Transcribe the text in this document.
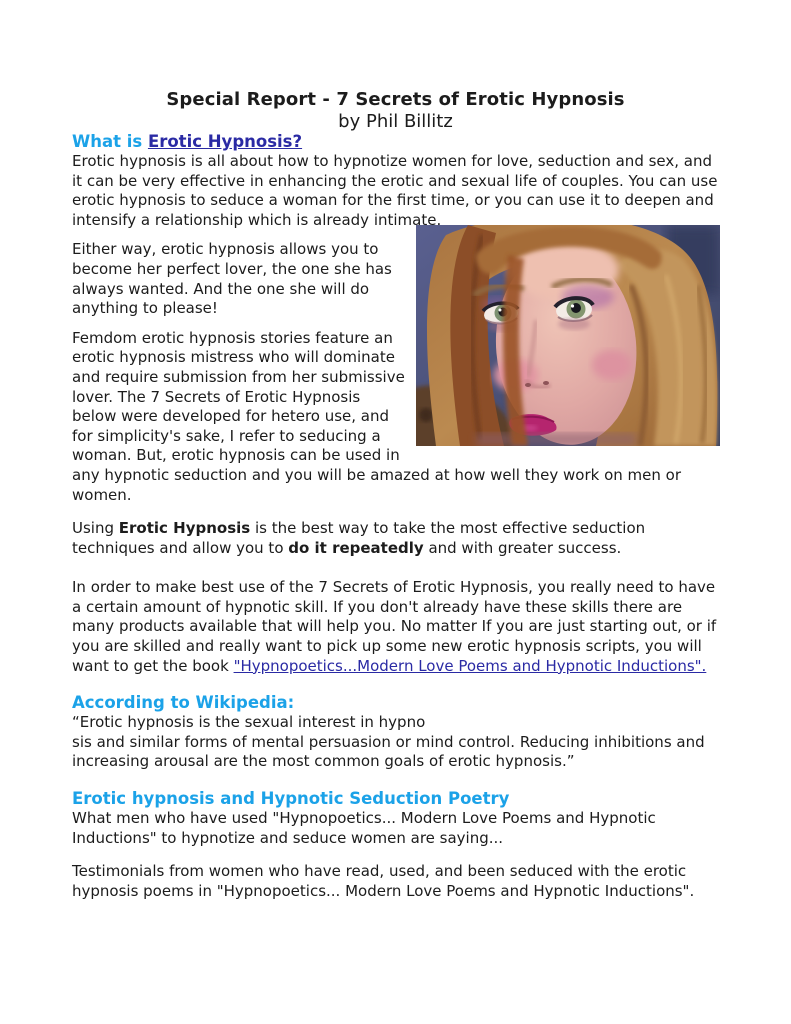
Special Report - 7 Secrets of Erotic Hypnosis
by Phil Billitz
What is Erotic Hypnosis?

Erotic hypnosis is all about how to hypnotize women for love, seduction and sex, and it can be very effective in enhancing the erotic and sexual life of couples. You can use erotic hypnosis to seduce a woman for the first time, or you can use it to deepen and intensify a relationship which is already intimate.

Either way, erotic hypnosis allows you to become her perfect lover, the one she has always wanted. And the one she will do anything to please!

Femdom erotic hypnosis stories feature an erotic hypnosis mistress who will dominate and require submission from her submissive lover. The 7 Secrets of Erotic Hypnosis below were developed for hetero use, and for simplicity's sake, I refer to seducing a woman. But, erotic hypnosis can be used in any hypnotic seduction and you will be amazed at how well they work on men or women.

Using Erotic Hypnosis is the best way to take the most effective seduction techniques and allow you to do it repeatedly and with greater success.

In order to make best use of the 7 Secrets of Erotic Hypnosis, you really need to have a certain amount of hypnotic skill. If you don't already have these skills there are many products available that will help you. No matter If you are just starting out, or if you are skilled and really want to pick up some new erotic hypnosis scripts, you will want to get the book "Hypnopoetics...Modern Love Poems and Hypnotic Inductions".

According to Wikipedia:

“Erotic hypnosis is the sexual interest in hypno
sis and similar forms of mental persuasion or mind control. Reducing inhibitions and increasing arousal are the most common goals of erotic hypnosis.”

Erotic hypnosis and Hypnotic Seduction Poetry

What men who have used "Hypnopoetics... Modern Love Poems and Hypnotic Inductions" to hypnotize and seduce women are saying...

Testimonials from women who have read, used, and been seduced with the erotic hypnosis poems in "Hypnopoetics... Modern Love Poems and Hypnotic Inductions".
